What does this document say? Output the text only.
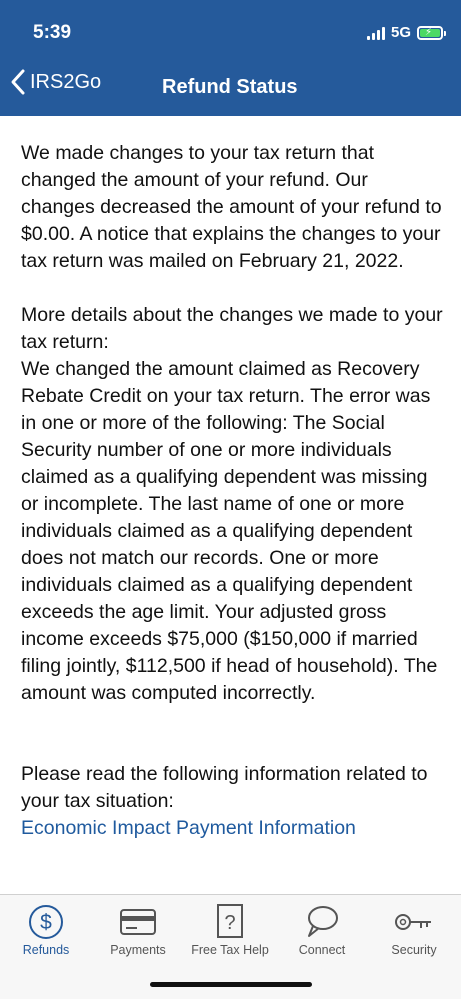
5:39	5G ⚡
IRS2Go	Refund Status

We made changes to your tax return that changed the amount of your refund. Our changes decreased the amount of your refund to $0.00. A notice that explains the changes to your tax return was mailed on February 21, 2022.

More details about the changes we made to your tax return:

We changed the amount claimed as Recovery Rebate Credit on your tax return. The error was in one or more of the following: The Social Security number of one or more individuals claimed as a qualifying dependent was missing or incomplete. The last name of one or more individuals claimed as a qualifying dependent does not match our records. One or more individuals claimed as a qualifying dependent exceeds the age limit. Your adjusted gross income exceeds $75,000 ($150,000 if married filing jointly, $112,500 if head of household). The amount was computed incorrectly.

Please read the following information related to your tax situation:

Economic Impact Payment Information

$
Refunds	Payments
?
Free Tax Help	Connect	Security
